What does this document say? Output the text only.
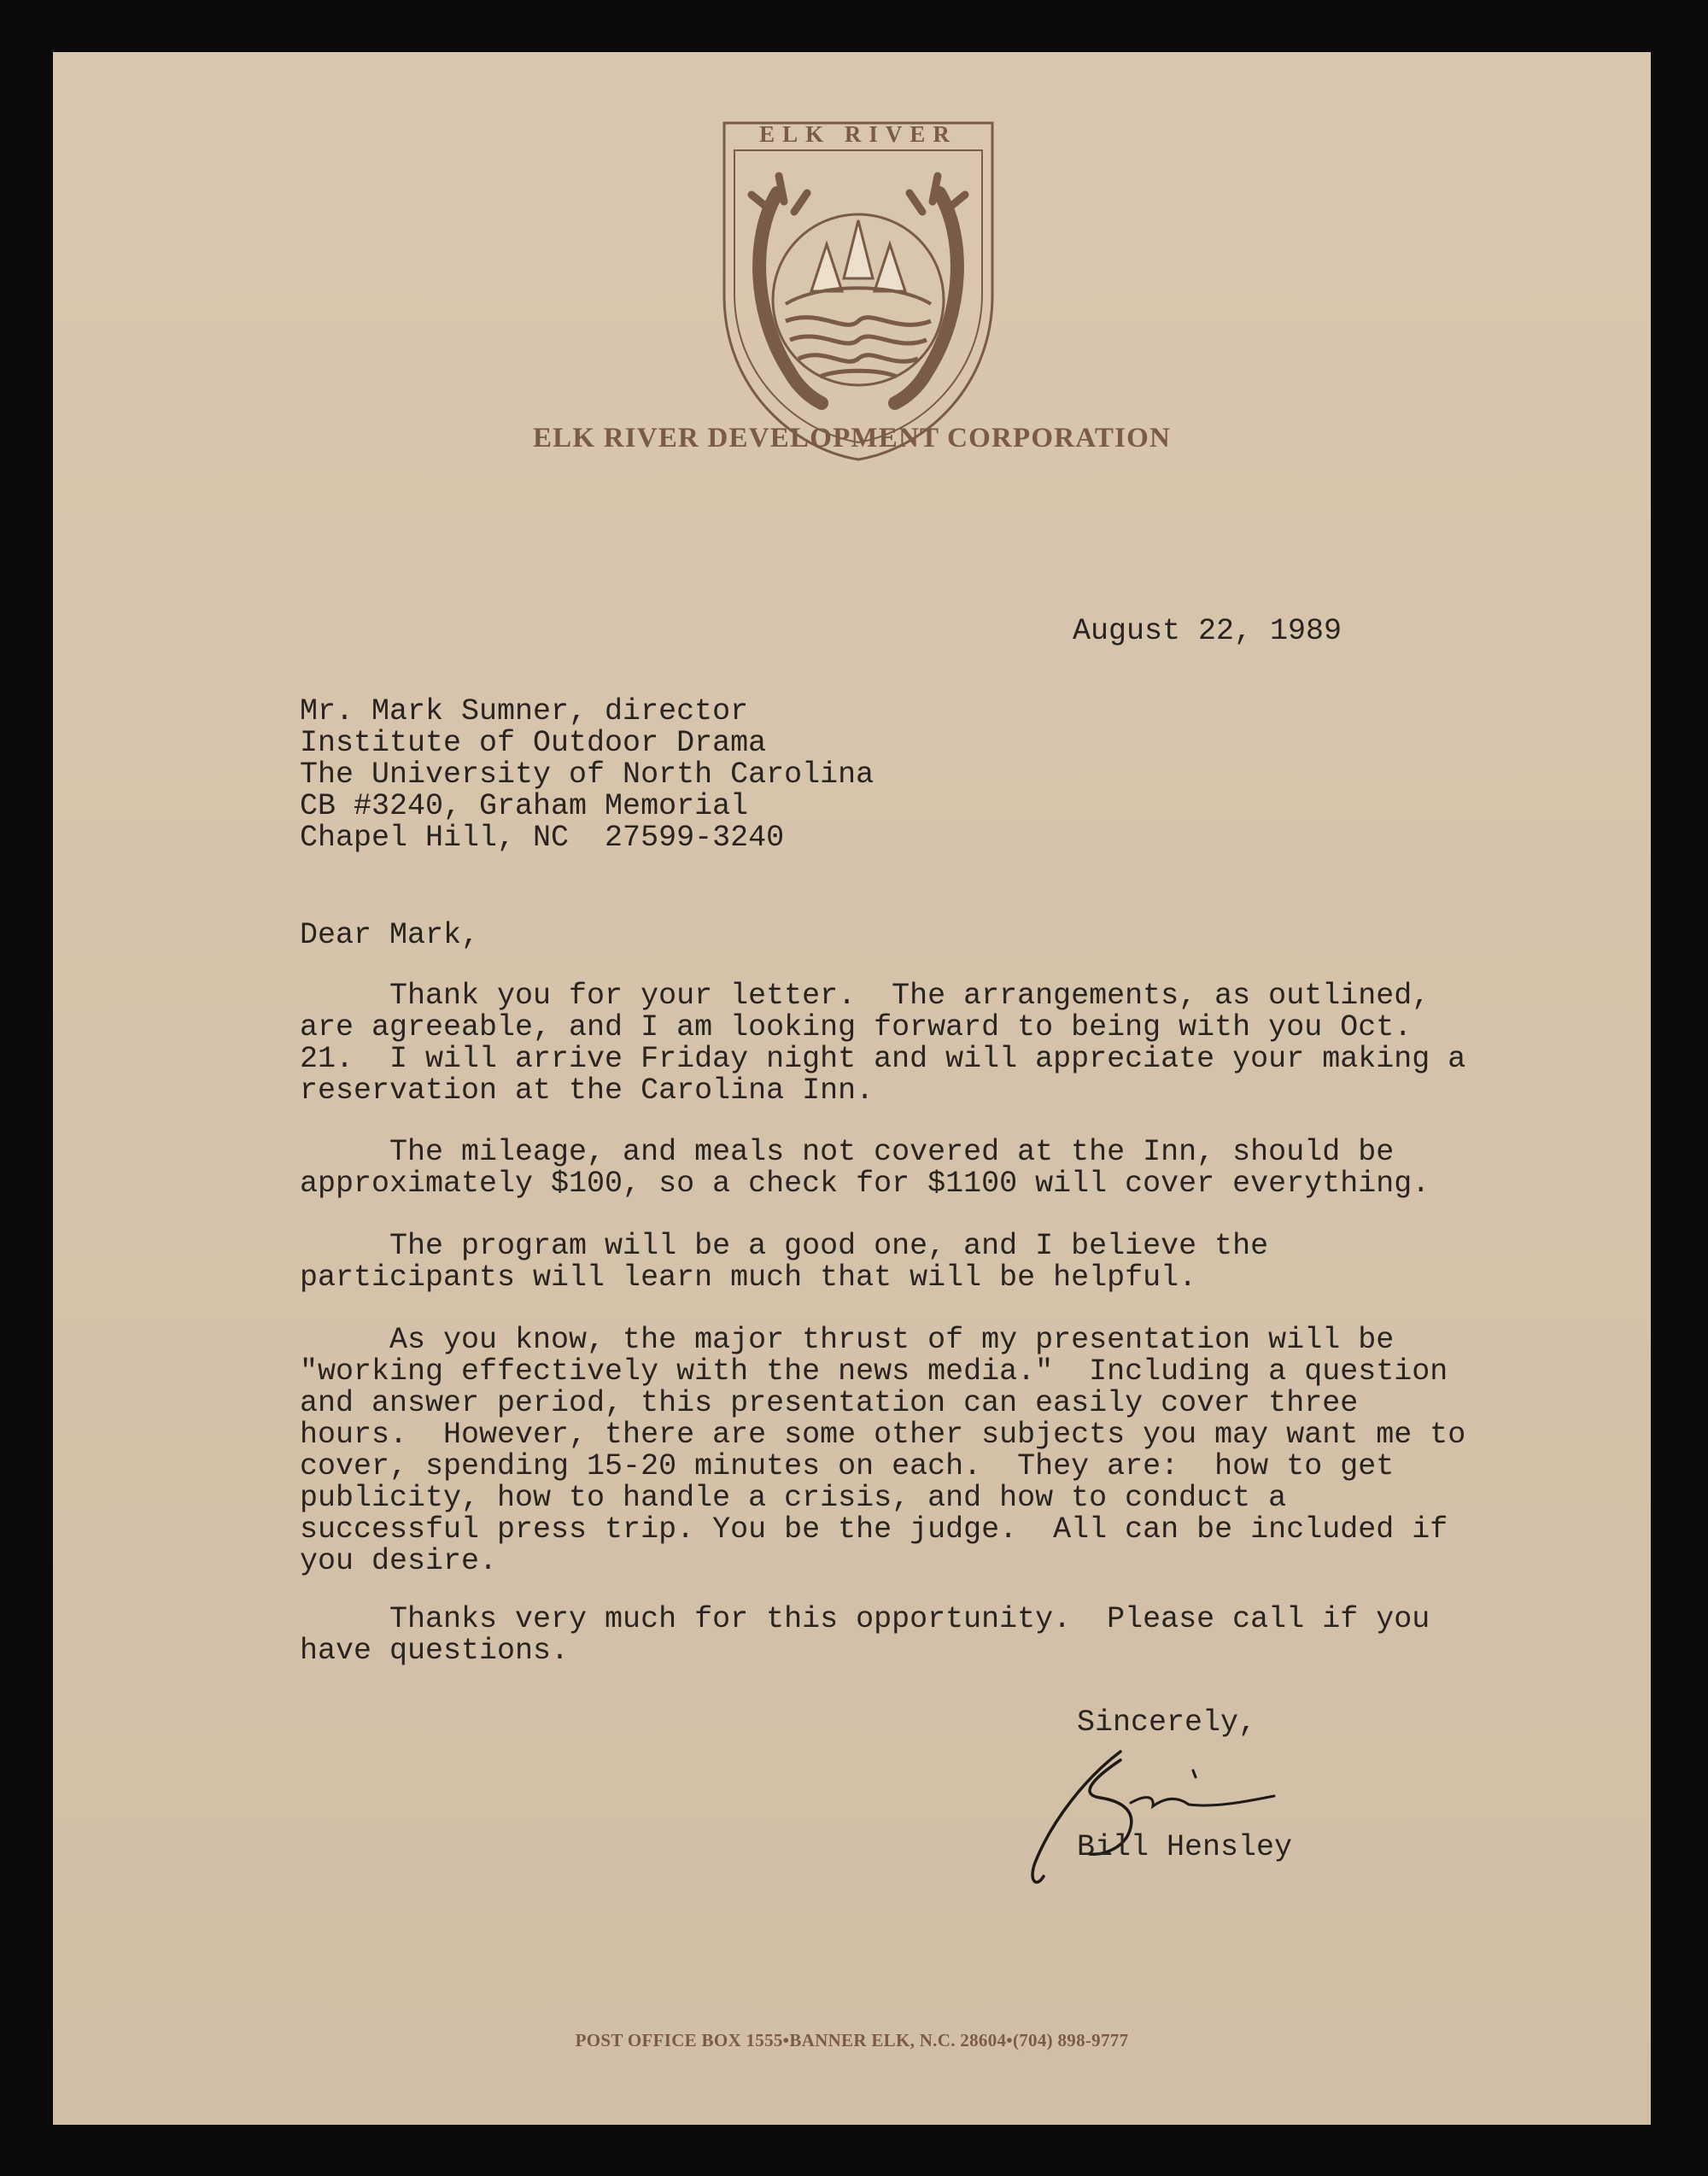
ELK RIVER
ELK RIVER DEVELOPMENT CORPORATION

August 22, 1989

Mr. Mark Sumner, director
Institute of Outdoor Drama
The University of North Carolina
CB #3240, Graham Memorial
Chapel Hill, NC  27599-3240

Dear Mark,

Thank you for your letter.  The arrangements, as outlined,
are agreeable, and I am looking forward to being with you Oct.
21.  I will arrive Friday night and will appreciate your making a
reservation at the Carolina Inn.
The mileage, and meals not covered at the Inn, should be
approximately $100, so a check for $1100 will cover everything.
The program will be a good one, and I believe the
participants will learn much that will be helpful.
As you know, the major thrust of my presentation will be
"working effectively with the news media."  Including a question
and answer period, this presentation can easily cover three
hours.  However, there are some other subjects you may want me to
cover, spending 15-20 minutes on each.  They are:  how to get
publicity, how to handle a crisis, and how to conduct a
successful press trip. You be the judge.  All can be included if
you desire.
Thanks very much for this opportunity.  Please call if you
have questions.

Sincerely,

Bill Hensley

POST OFFICE BOX 1555•BANNER ELK, N.C. 28604•(704) 898-9777
